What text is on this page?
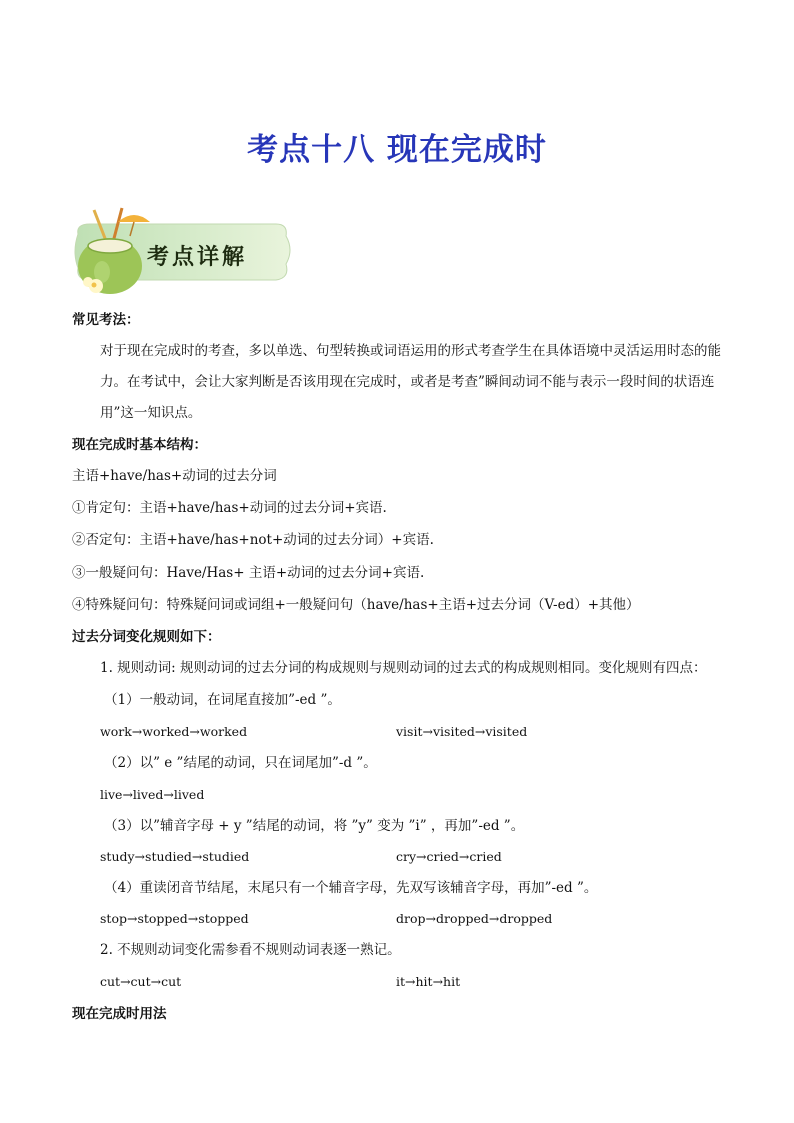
考点十八 现在完成时
考点详解
常见考法：
对于现在完成时的考查，多以单选、句型转换或词语运用的形式考查学生在具体语境中灵活运用时态的能力。在考试中，会让大家判断是否该用现在完成时，或者是考查”瞬间动词不能与表示一段时间的状语连用”这一知识点。
现在完成时基本结构：
主语+have/has+动词的过去分词
①肯定句：主语+have/has+动词的过去分词+宾语.
②否定句：主语+have/has+not+动词的过去分词）+宾语.
③一般疑问句：Have/Has+ 主语+动词的过去分词+宾语.
④特殊疑问句：特殊疑问词或词组+一般疑问句（have/has+主语+过去分词（V-ed）+其他）
过去分词变化规则如下：
1. 规则动词: 规则动词的过去分词的构成规则与规则动词的过去式的构成规则相同。变化规则有四点：
（1）一般动词，在词尾直接加”-ed ”。
work→worked→worked	visit→visited→visited
（2）以” e ”结尾的动词，只在词尾加”-d ”。
live→lived→lived
（3）以”辅音字母 + y ”结尾的动词，将 ”y” 变为 ”i” ，再加”-ed ”。
study→studied→studied	cry→cried→cried
（4）重读闭音节结尾，末尾只有一个辅音字母，先双写该辅音字母，再加”-ed ”。
stop→stopped→stopped	drop→dropped→dropped
2. 不规则动词变化需参看不规则动词表逐一熟记。
cut→cut→cut	it→hit→hit
现在完成时用法
